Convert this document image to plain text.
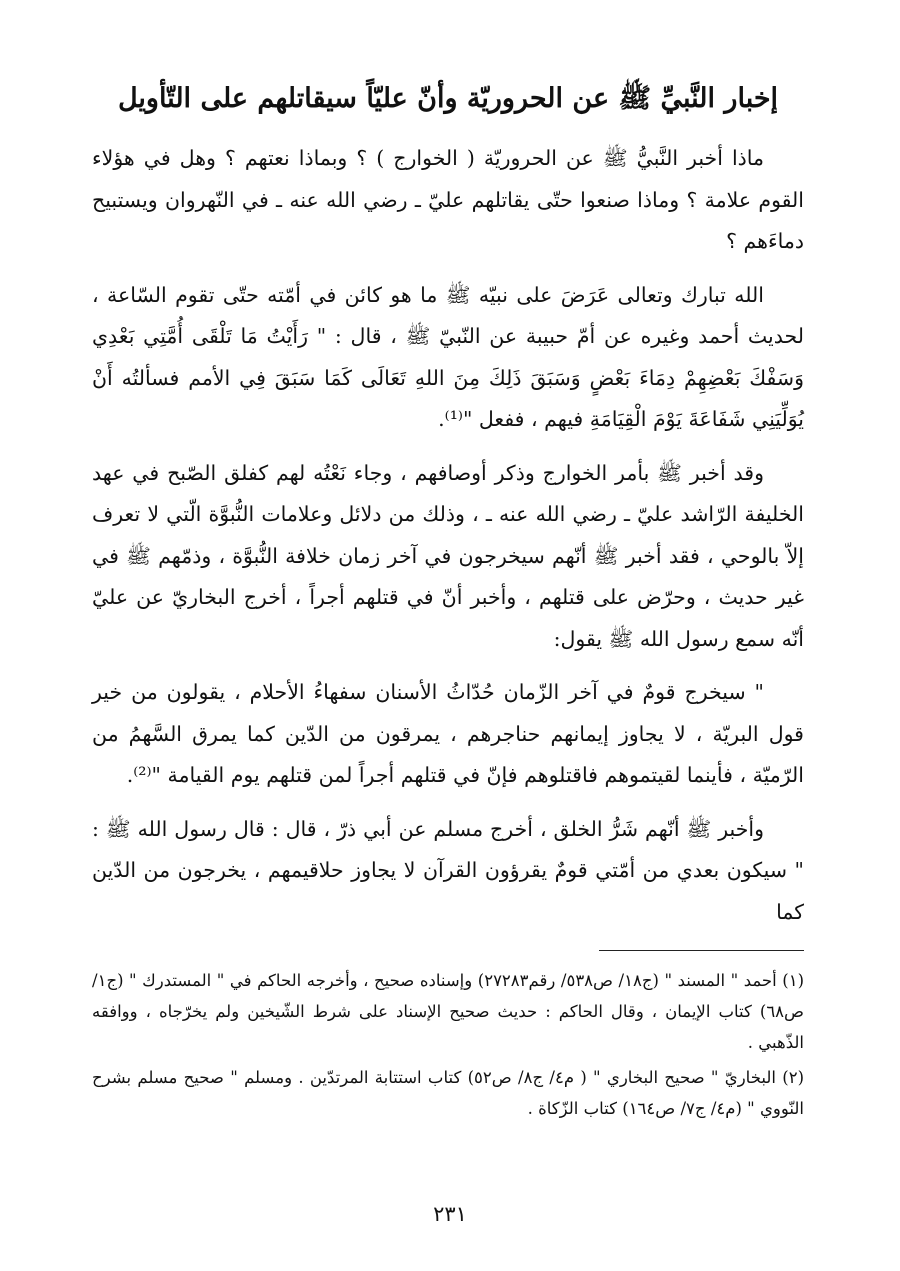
إخبار النَّبيِّ ﷺ عن الحروريّة وأنّ عليّاً سيقاتلهم على التّأويل

ماذا أخبر النَّبيُّ ﷺ عن الحروريّة ( الخوارج ) ؟ وبماذا نعتهم ؟ وهل في هؤلاء القوم علامة ؟ وماذا صنعوا حتّى يقاتلهم عليّ ـ رضي الله عنه ـ في النّهروان ويستبيح دماءَهم ؟

الله تبارك وتعالى عَرَضَ على نبيّه ﷺ ما هو كائن في أمّته حتّى تقوم السّاعة ، لحديث أحمد وغيره عن أمّ حبيبة عن النّبيّ ﷺ ، قال : " رَأَيْتُ مَا تَلْقَى أُمَّتِي بَعْدِي وَسَفْكَ بَعْضِهِمْ دِمَاءَ بَعْضٍ وَسَبَقَ ذَلِكَ مِنَ اللهِ تَعَالَى كَمَا سَبَقَ فِي الأمم فسألتُه أَنْ يُوَلِّيَنِي شَفَاعَةَ يَوْمَ الْقِيَامَةِ فيهم ، ففعل "⁽¹⁾.

وقد أخبر ﷺ بأمر الخوارج وذكر أوصافهم ، وجاء نَعْتُه لهم كفلق الصّبح في عهد الخليفة الرّاشد عليّ ـ رضي الله عنه ـ ، وذلك من دلائل وعلامات النُّبوَّة الّتي لا تعرف إلاّ بالوحي ، فقد أخبر ﷺ أنّهم سيخرجون في آخر زمان خلافة النُّبوَّة ، وذمّهم ﷺ في غير حديث ، وحرّض على قتلهم ، وأخبر أنّ في قتلهم أجراً ، أخرج البخاريّ عن عليّ أنّه سمع رسول الله ﷺ يقول:

" سيخرج قومٌ في آخر الزّمان حُدّاثُ الأسنان سفهاءُ الأحلام ، يقولون من خير قول البريّة ، لا يجاوز إيمانهم حناجرهم ، يمرقون من الدّين كما يمرق السَّهمُ من الرّميّة ، فأينما لقيتموهم فاقتلوهم فإنّ في قتلهم أجراً لمن قتلهم يوم القيامة "⁽²⁾.

وأخبر ﷺ أنّهم شَرُّ الخلق ، أخرج مسلم عن أبي ذرّ ، قال : قال رسول الله ﷺ : " سيكون بعدي من أمّتي قومٌ يقرؤون القرآن لا يجاوز حلاقيمهم ، يخرجون من الدّين كما

(١) أحمد " المسند " (ج١٨/ ص٥٣٨/ رقم٢٧٢٨٣) وإسناده صحيح ، وأخرجه الحاكم في " المستدرك " (ج١/ ص٦٨) كتاب الإيمان ، وقال الحاكم : حديث صحيح الإسناد على شرط الشّيخين ولم يخرّجاه ، ووافقه الذّهبي .

(٢) البخاريّ " صحيح البخاري " ( م٤/ ج٨/ ص٥٢) كتاب استتابة المرتدّين . ومسلم " صحيح مسلم بشرح النّووي " (م٤/ ج٧/ ص١٦٤) كتاب الزّكاة .

٢٣١
